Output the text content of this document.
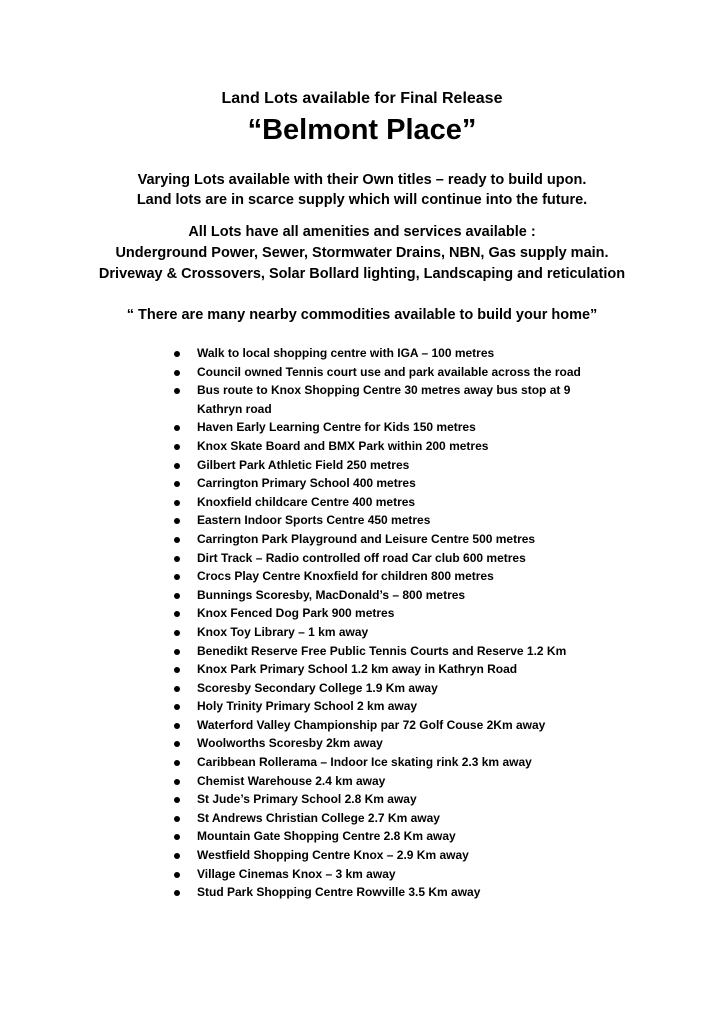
Land Lots available for Final Release
“Belmont Place”
Varying Lots available with their Own titles – ready to build upon.
Land lots are in scarce supply which will continue into the future.
All Lots have all amenities and services available :
Underground Power, Sewer, Stormwater Drains, NBN, Gas supply main.
Driveway & Crossovers, Solar Bollard lighting, Landscaping and reticulation
“ There are many nearby commodities available to build your home”
Walk to local shopping centre with IGA – 100 metres
Council owned Tennis court use and park available across the road
Bus route to Knox Shopping Centre 30 metres away bus stop at 9
Kathryn road
Haven Early Learning Centre for Kids 150 metres
Knox Skate Board and BMX Park within 200 metres
Gilbert Park Athletic Field 250 metres
Carrington Primary School 400 metres
Knoxfield childcare Centre 400 metres
Eastern Indoor Sports Centre 450 metres
Carrington Park Playground and Leisure Centre 500 metres
Dirt Track – Radio controlled off road Car club 600 metres
Crocs Play Centre Knoxfield for children 800 metres
Bunnings Scoresby, MacDonald’s – 800 metres
Knox Fenced Dog Park 900 metres
Knox Toy Library – 1 km away
Benedikt Reserve Free Public Tennis Courts and Reserve 1.2 Km
Knox Park Primary School 1.2 km away in Kathryn Road
Scoresby Secondary College 1.9 Km away
Holy Trinity Primary School 2 km away
Waterford Valley Championship par 72 Golf Couse 2Km away
Woolworths Scoresby 2km away
Caribbean Rollerama – Indoor Ice skating rink 2.3 km away
Chemist Warehouse 2.4 km away
St Jude’s Primary School 2.8 Km away
St Andrews Christian College 2.7 Km away
Mountain Gate Shopping Centre 2.8 Km away
Westfield Shopping Centre Knox – 2.9 Km away
Village Cinemas Knox – 3 km away
Stud Park Shopping Centre Rowville 3.5 Km away
